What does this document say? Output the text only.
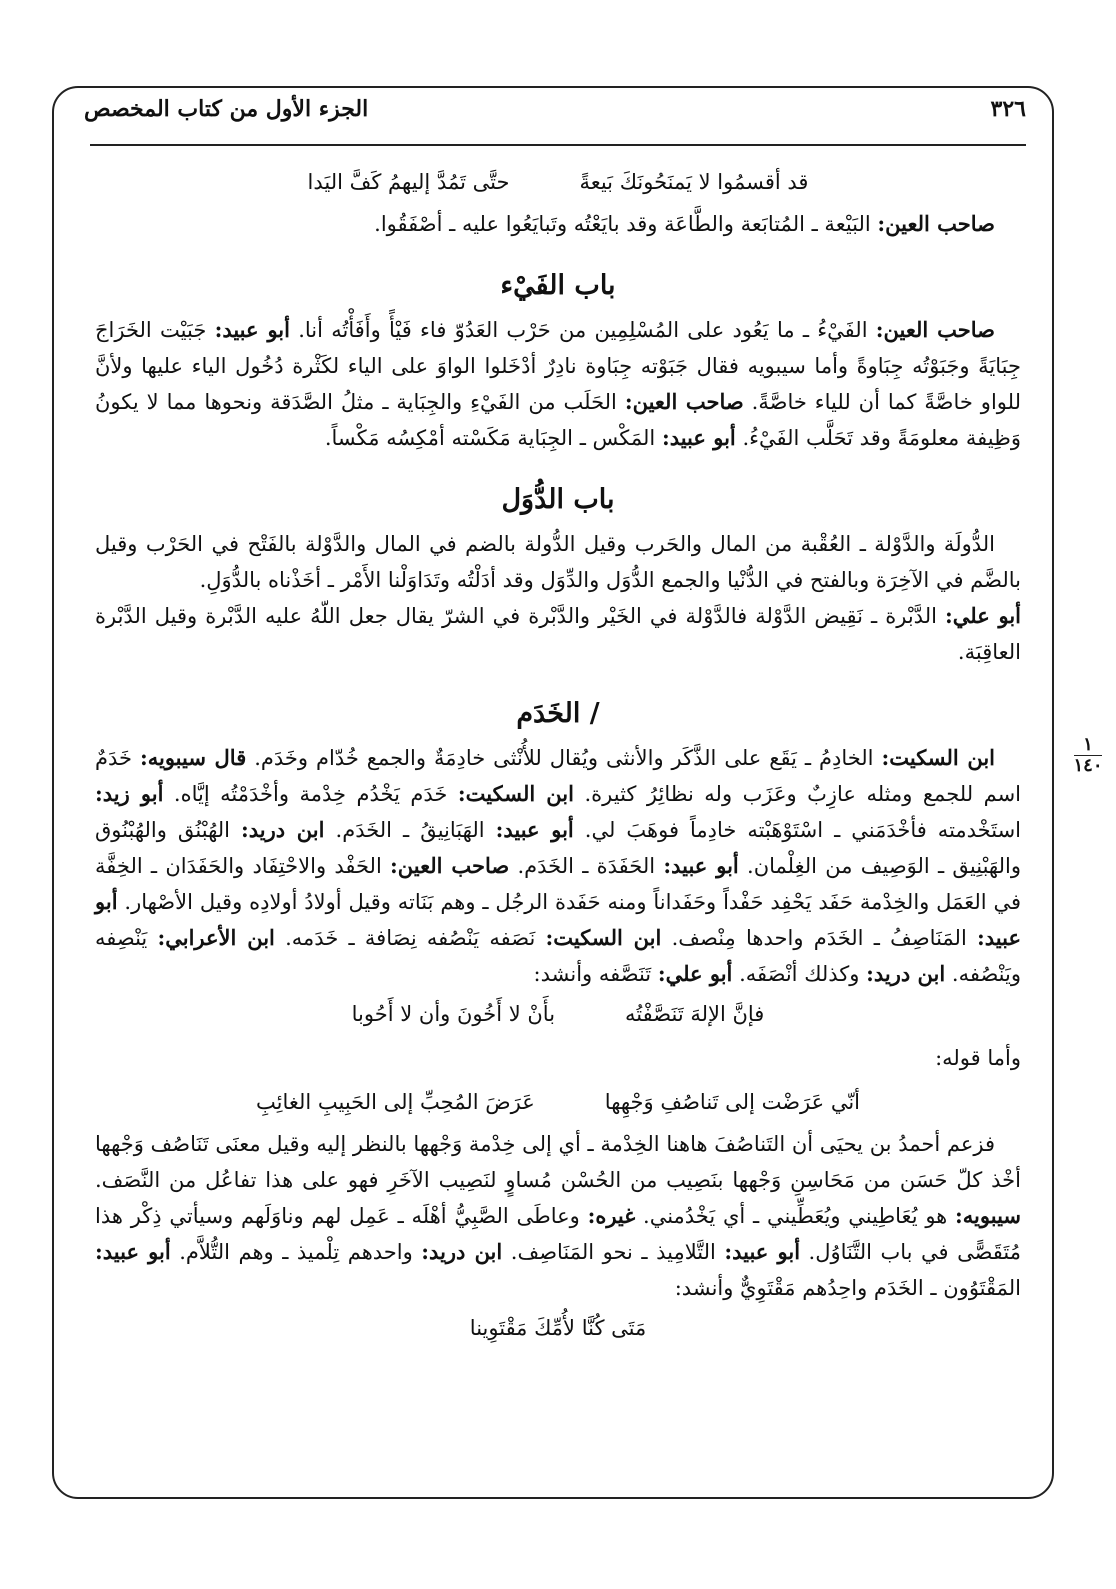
٣٢٦
الجزء الأول من كتاب المخصص
١
١٤٠
قد أقسمُوا لا يَمنَحُونَكَ بَيعةً
حتَّى تَمُدَّ إليهمُ كَفَّ اليَدا

صاحب العين: البَيْعة ـ المُتابَعة والطَّاعَة وقد بايَعْتُه وتَبايَعُوا عليه ـ أصْفَقُوا.

باب الفَيْء

صاحب العين: الفَيْءُ ـ ما يَعُود على المُسْلِمِين من حَرْب العَدُوّ فاء فَيْأً وأَفَأْتُه أنا. أبو عبيد: جَبَيْت الخَرَاجَ جِبَايَةً وجَبَوْتُه جِبَاوةً وأما سيبويه فقال جَبَوْته جِبَاوة نادِرٌ أدْخَلوا الواوَ على الياء لكَثْرة دُخُول الياء عليها ولأنَّ للواو خاصَّةً كما أن للياء خاصَّةً. صاحب العين: الحَلَب من الفَيْءِ والجِبَاية ـ مثلُ الصَّدَقة ونحوها مما لا يكونُ وَظِيفة معلومَةً وقد تَحَلَّب الفَيْءُ. أبو عبيد: المَكْس ـ الجِبَاية مَكَسْته أمْكِسُه مَكْساً.

باب الدُّوَل

الدُّولَة والدَّوْلة ـ العُقْبة من المال والحَرب وقيل الدُّولة بالضم في المال والدَّوْلة بالفَتْح في الحَرْب وقيل بالضَّم في الآخِرَة وبالفتح في الدُّنْيا والجمع الدُّوَل والدِّوَل وقد أدَلْتُه وتَدَاوَلْنا الأَمْر ـ أخَذْناه بالدُّوَلِ.

أبو علي: الدَّبْرة ـ نَقِيض الدَّوْلة فالدَّوْلة في الخَيْر والدَّبْرة في الشرّ يقال جعل اللّهُ عليه الدَّبْرة وقيل الدَّبْرة العاقِبَة.

/ الخَدَم

ابن السكيت: الخادِمُ ـ يَقَع على الذَّكَر والأنثى ويُقال للأُنْثى خادِمَةٌ والجمع خُدّام وخَدَم. قال سيبويه: خَدَمٌ اسم للجمع ومثله عازِبٌ وعَزَب وله نظائِرُ كثيرة. ابن السكيت: خَدَم يَخْدُم خِدْمة وأخْدَمْتُه إيَّاه. أبو زيد: استَخْدمته فأخْدَمَني ـ اسْتَوْهَبْته خادِماً فوهَبَ لي. أبو عبيد: الهَبَانِيقُ ـ الخَدَم. ابن دريد: الهُبْنُق والهُبْنُوق والهَبْنِيق ـ الوَصِيف من الغِلْمان. أبو عبيد: الحَفَدَة ـ الخَدَم. صاحب العين: الحَفْد والاحْتِفَاد والحَفَدَان ـ الخِفَّة في العَمَل والخِدْمة حَفَد يَحْفِد حَفْداً وحَفَداناً ومنه حَفَدة الرجُل ـ وهم بَنَاته وقيل أولادُ أولادِه وقيل الأصْهار. أبو عبيد: المَنَاصِفُ ـ الخَدَم واحدها مِنْصف. ابن السكيت: نَصَفه يَنْصُفه نِصَافة ـ خَدَمه. ابن الأعرابي: يَنْصِفه ويَنْصُفه. ابن دريد: وكذلك أنْصَفَه. أبو علي: تَنَصَّفه وأنشد:

فإنَّ الإلهَ تَنَصَّفْتُه
بأَنْ لا أَخُونَ وأن لا أَحُوبا
وأما قوله:
أنّي عَرَضْت إلى تَناصُفِ وَجْهِها
عَرَضَ المُحِبِّ إلى الحَبِيبِ الغائِبِ

فزعم أحمدُ بن يحيَى أن التَناصُفَ هاهنا الخِدْمة ـ أي إلى خِدْمة وَجْهها بالنظر إليه وقيل معنَى تَنَاصُف وَجْهها أخْذ كلّ حَسَن من مَحَاسِنِ وَجْهها بنَصِيب من الحُسْن مُساوٍ لنَصِيب الآخَرِ فهو على هذا تفاعُل من النَّصَف. سيبويه: هو يُعَاطِيني ويُعَطِّيني ـ أي يَخْدُمني. غيره: وعاطَى الصَّبِيُّ أهْلَه ـ عَمِل لهم وناوَلَهم وسيأتي ذِكْر هذا مُتَقَصًّى في باب التَّنَاوُل. أبو عبيد: التَّلامِيذ ـ نحو المَنَاصِف. ابن دريد: واحدهم تِلْميذ ـ وهم التُّلاَّم. أبو عبيد: المَقْتَوُون ـ الخَدَم واحِدُهم مَقْتَوِيٌّ وأنشد:

مَتَى كُنَّا لأُمِّكَ مَقْتَوِينا
